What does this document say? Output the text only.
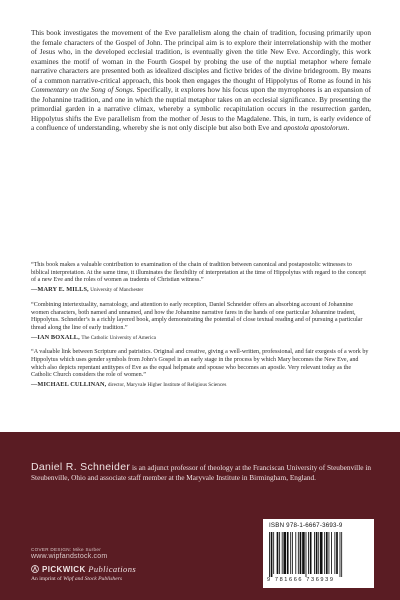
This book investigates the movement of the Eve parallelism along the chain of tradition, focusing primarily upon the female characters of the Gospel of John. The principal aim is to explore their interrelationship with the mother of Jesus who, in the developed ecclesial tradition, is eventually given the title New Eve. Accordingly, this work examines the motif of woman in the Fourth Gospel by probing the use of the nuptial metaphor where female narrative characters are presented both as idealized disciples and fictive brides of the divine bridegroom. By means of a common narrative-critical approach, this book then engages the thought of Hippolytus of Rome as found in his Commentary on the Song of Songs. Specifically, it explores how his focus upon the myrrophores is an expansion of the Johannine tradition, and one in which the nuptial metaphor takes on an ecclesial significance. By presenting the primordial garden in a narrative climax, whereby a symbolic recapitulation occurs in the resurrection garden, Hippolytus shifts the Eve parallelism from the mother of Jesus to the Magdalene. This, in turn, is early evidence of a confluence of understanding, whereby she is not only disciple but also both Eve and apostola apostolorum.
“This book makes a valuable contribution to examination of the chain of tradition between canonical and postapostolic witnesses to biblical interpretation. At the same time, it illuminates the flexibility of interpretation at the time of Hippolytus with regard to the concept of a new Eve and the roles of women as tradents of Christian witness.”
—MARY E. MILLS, University of Manchester
“Combining intertextuality, narratology, and attention to early reception, Daniel Schneider offers an absorbing account of Johannine women characters, both named and unnamed, and how the Johannine narrative fares in the hands of one particular Johannine tradent, Hippolytus. Schneider’s is a richly layered book, amply demonstrating the potential of close textual reading and of pursuing a particular thread along the line of early tradition.”
—IAN BOXALL, The Catholic University of America
“A valuable link between Scripture and patristics. Original and creative, giving a well-written, professional, and fair exegesis of a work by Hippolytus which uses gender symbols from John’s Gospel in an early stage in the process by which Mary becomes the New Eve, and which also depicts repentant antitypes of Eve as the equal helpmate and spouse who becomes an apostle. Very relevant today as the Catholic Church considers the role of women.”
—MICHAEL CULLINAN, director, Maryvale Higher Institute of Religious Sciences
Daniel R. Schneider is an adjunct professor of theology at the Franciscan University of Steubenville in Steubenville, Ohio and associate staff member at the Maryvale Institute in Birmingham, England.
COVER DESIGN: Mike Surber
www.wipfandstock.com
PICKWICK Publications
An imprint of Wipf and Stock Publishers
ISBN 978-1-6667-3693-9
9 781666 736939
